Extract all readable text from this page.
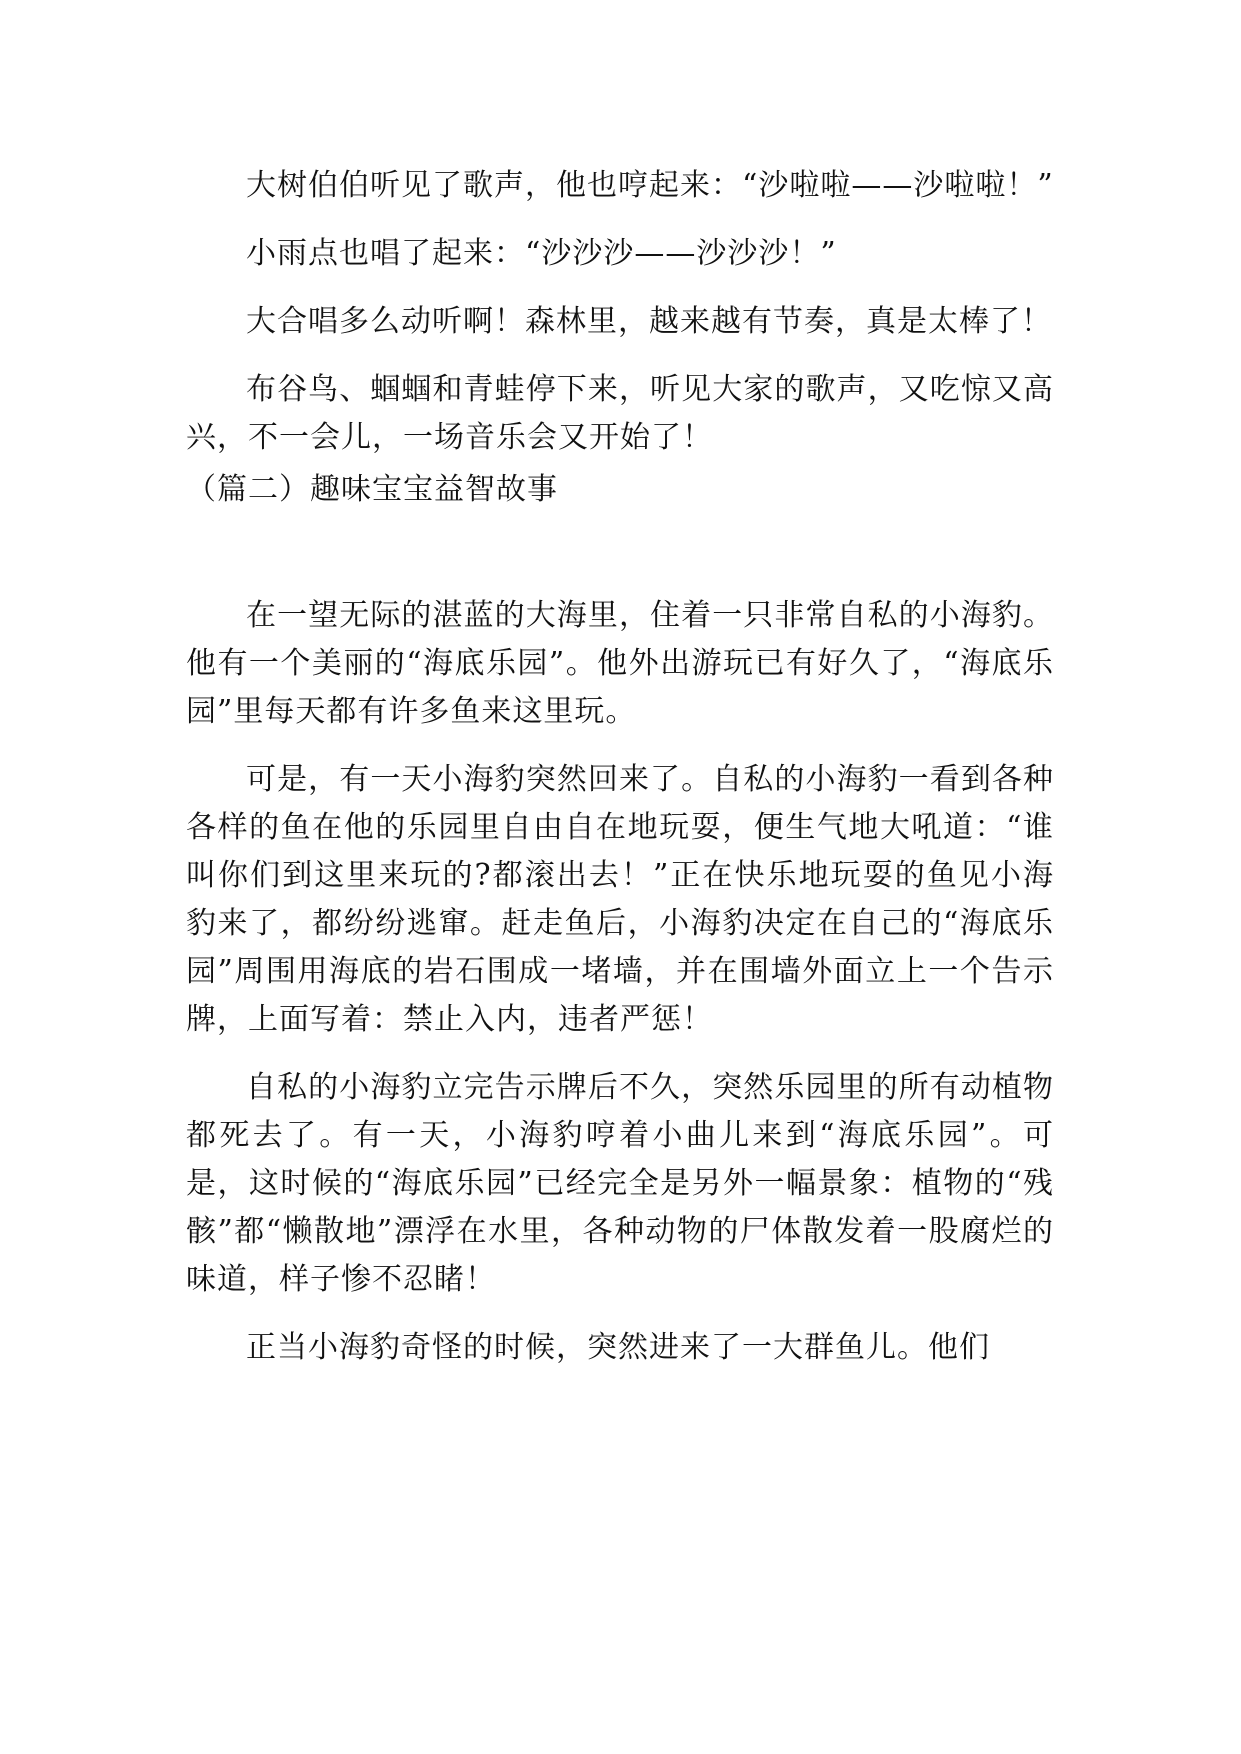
大树伯伯听见了歌声，他也哼起来：“沙啦啦——沙啦啦！”

小雨点也唱了起来：“沙沙沙——沙沙沙！”

大合唱多么动听啊！森林里，越来越有节奏，真是太棒了！

布谷鸟、蝈蝈和青蛙停下来，听见大家的歌声，又吃惊又高兴，不一会儿，一场音乐会又开始了！

（篇二）趣味宝宝益智故事

在一望无际的湛蓝的大海里，住着一只非常自私的小海豹。他有一个美丽的“海底乐园”。他外出游玩已有好久了，“海底乐园”里每天都有许多鱼来这里玩。

可是，有一天小海豹突然回来了。自私的小海豹一看到各种各样的鱼在他的乐园里自由自在地玩耍，便生气地大吼道：“谁叫你们到这里来玩的?都滚出去！”正在快乐地玩耍的鱼见小海豹来了，都纷纷逃窜。赶走鱼后，小海豹决定在自己的“海底乐园”周围用海底的岩石围成一堵墙，并在围墙外面立上一个告示牌，上面写着：禁止入内，违者严惩！

自私的小海豹立完告示牌后不久，突然乐园里的所有动植物都死去了。有一天，小海豹哼着小曲儿来到“海底乐园”。可是，这时候的“海底乐园”已经完全是另外一幅景象：植物的“残骸”都“懒散地”漂浮在水里，各种动物的尸体散发着一股腐烂的味道，样子惨不忍睹！

正当小海豹奇怪的时候，突然进来了一大群鱼儿。他们
